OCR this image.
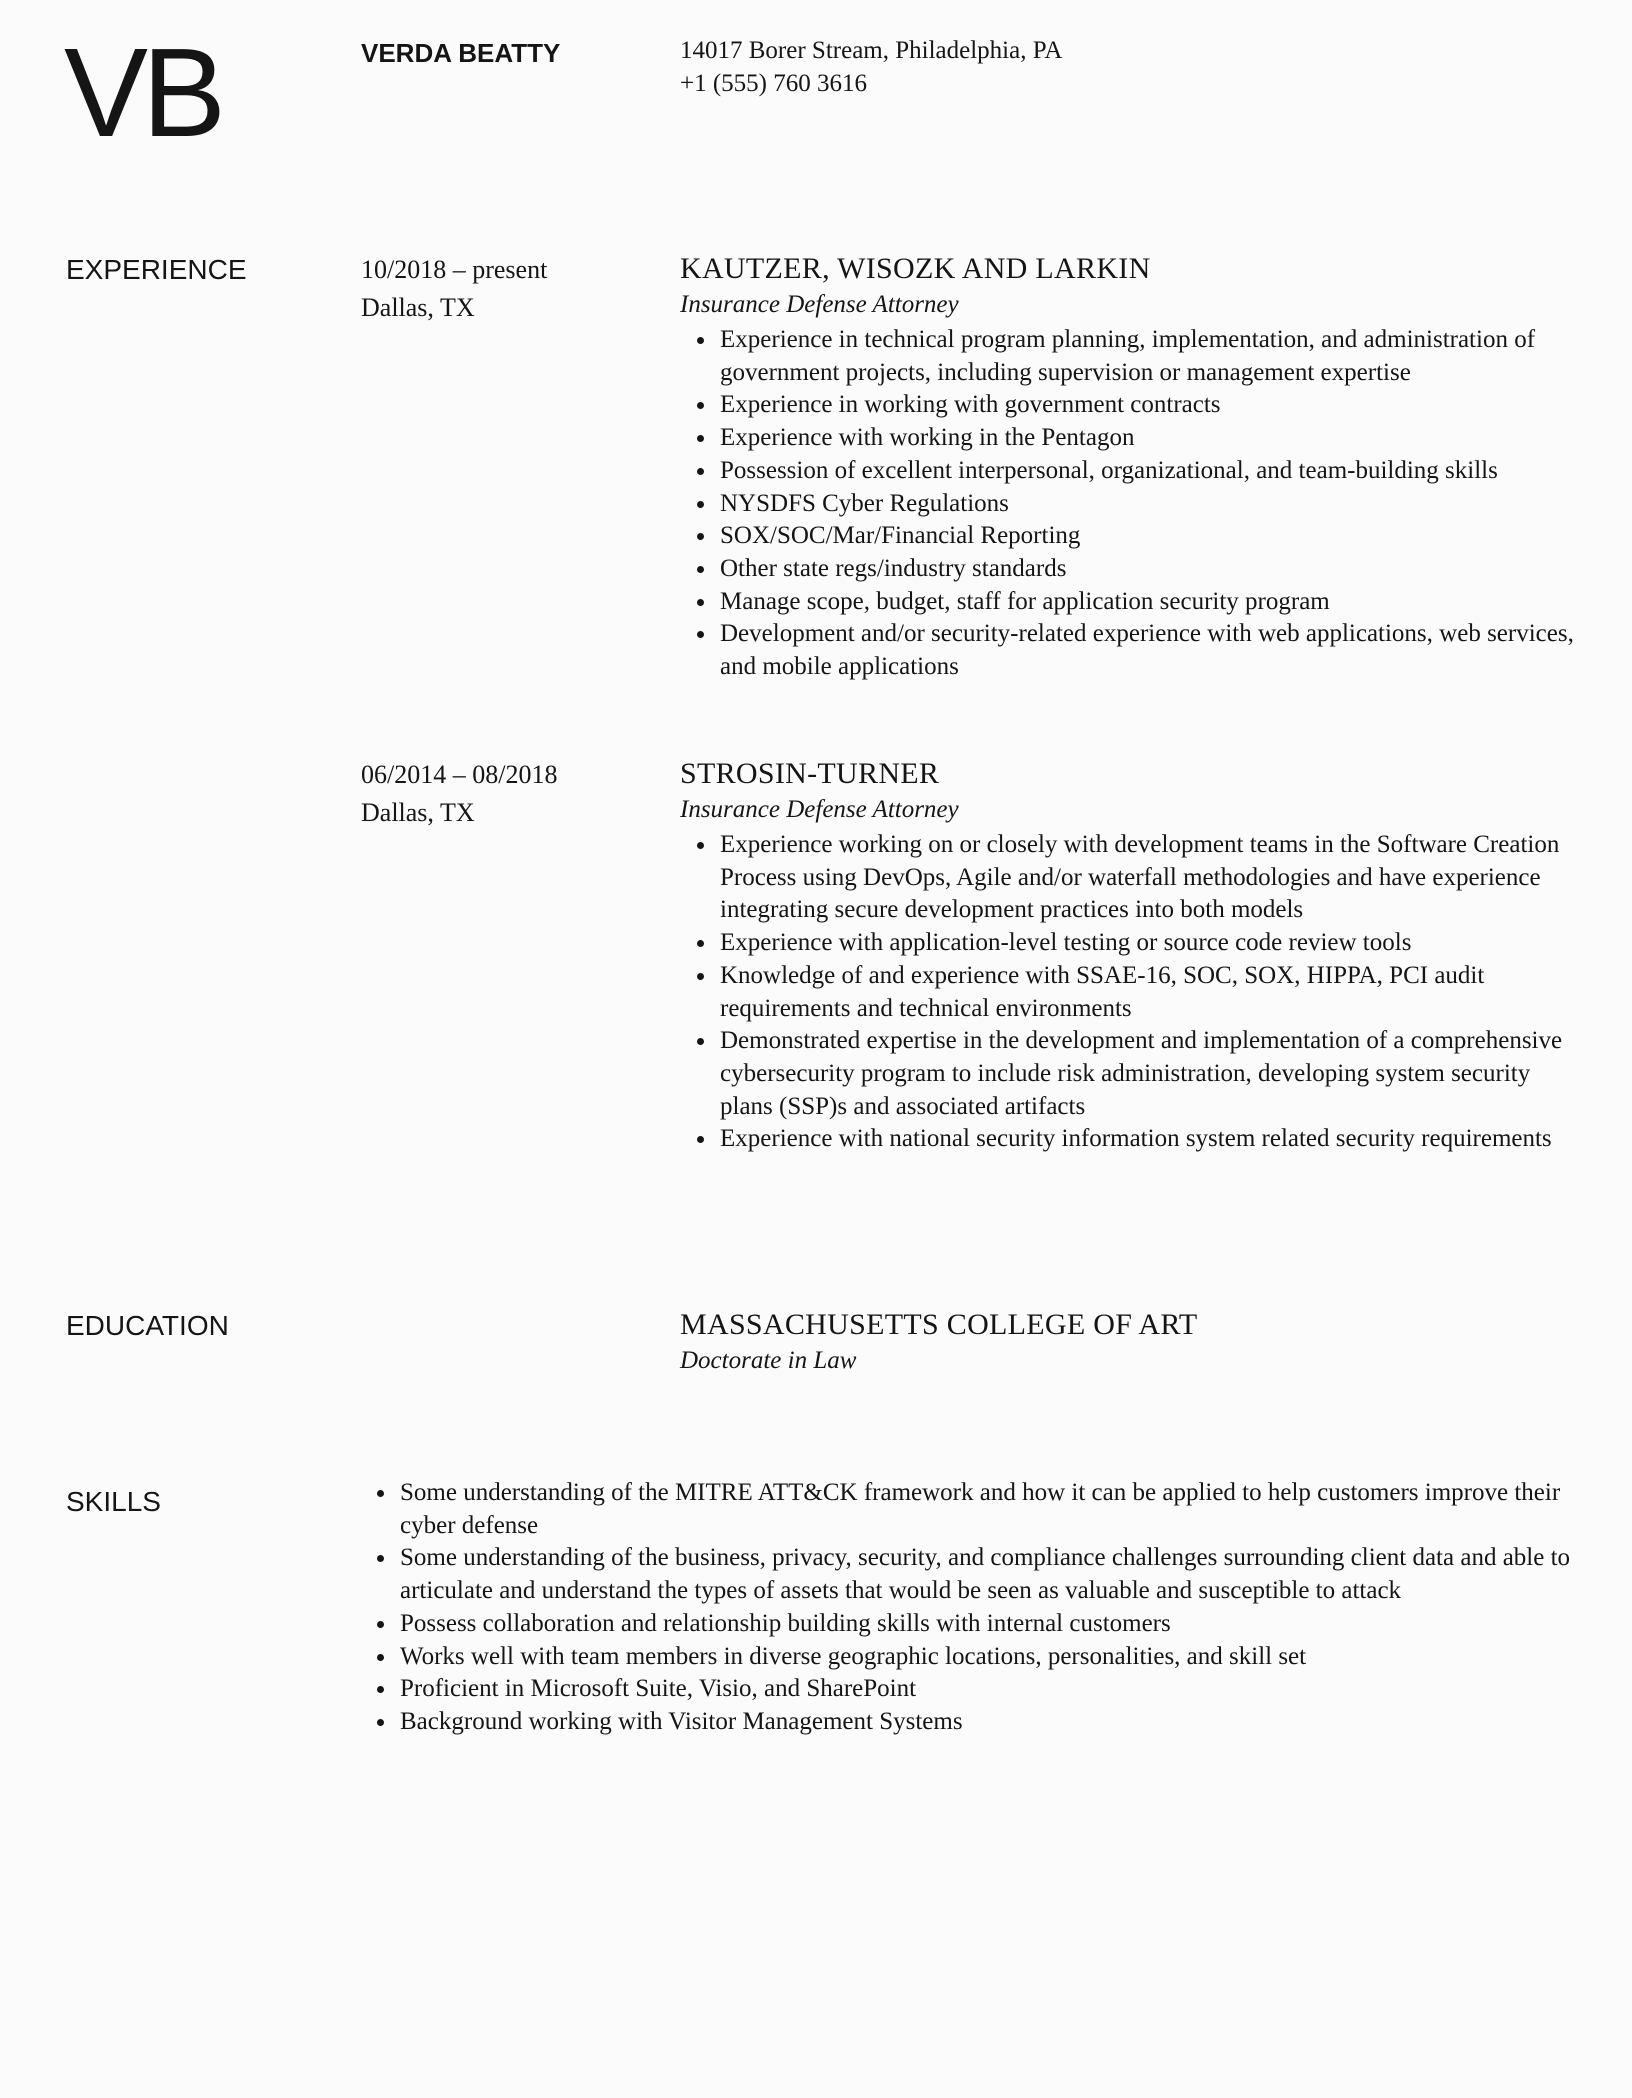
VB	VERDA BEATTY	14017 Borer Stream, Philadelphia, PA
+1 (555) 760 3616
EXPERIENCE	10/2018 – present
Dallas, TX
KAUTZER, WISOZK AND LARKIN
Insurance Defense Attorney
Experience in technical program planning, implementation, and administration of government projects, including supervision or management expertise
Experience in working with government contracts
Experience with working in the Pentagon
Possession of excellent interpersonal, organizational, and team-building skills
NYSDFS Cyber Regulations
SOX/SOC/Mar/Financial Reporting
Other state regs/industry standards
Manage scope, budget, staff for application security program
Development and/or security-related experience with web applications, web services, and mobile applications
06/2014 – 08/2018
Dallas, TX
STROSIN-TURNER
Insurance Defense Attorney
Experience working on or closely with development teams in the Software Creation Process using DevOps, Agile and/or waterfall methodologies and have experience integrating secure development practices into both models
Experience with application-level testing or source code review tools
Knowledge of and experience with SSAE-16, SOC, SOX, HIPPA, PCI audit requirements and technical environments
Demonstrated expertise in the development and implementation of a comprehensive cybersecurity program to include risk administration, developing system security plans (SSP)s and associated artifacts
Experience with national security information system related security requirements
EDUCATION	MASSACHUSETTS COLLEGE OF ART
Doctorate in Law
SKILLS	Some understanding of the MITRE ATT&CK framework and how it can be applied to help customers improve their cyber defense
Some understanding of the business, privacy, security, and compliance challenges surrounding client data and able to articulate and understand the types of assets that would be seen as valuable and susceptible to attack
Possess collaboration and relationship building skills with internal customers
Works well with team members in diverse geographic locations, personalities, and skill set
Proficient in Microsoft Suite, Visio, and SharePoint
Background working with Visitor Management Systems
